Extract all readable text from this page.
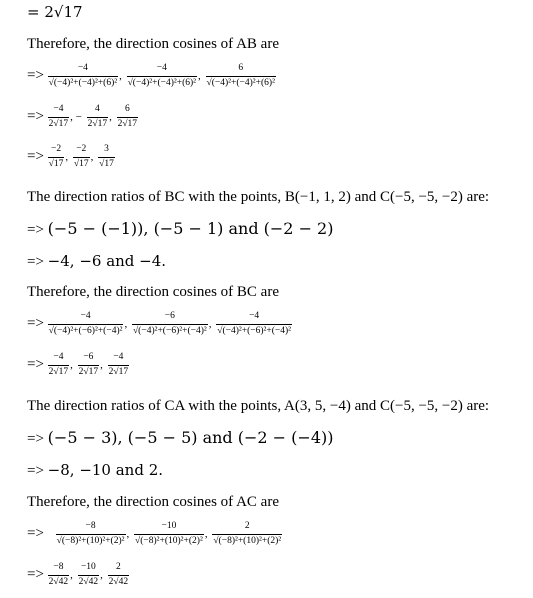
= 2√17
Therefore, the direction cosines of AB are
=> $\frac{-4}{\text{√(−4)²+(−4)²+(6)²}}$ , $\frac{-4}{\text{√(−4)²+(−4)²+(6)²}}$ , $\frac{6}{\text{√(−4)²+(−4)²+(6)²}}$
=> $\frac{-4}{2√17}$ , − $\frac{4}{2√17}$ , $\frac{6}{2√17}$
=> $\frac{-2}{√17}$ , $\frac{-2}{√17}$ , $\frac{3}{√17}$
The direction ratios of BC with the points, B(−1, 1, 2) and C(−5, −5, −2) are:
=> (−5 − (−1)), (−5 − 1) and (−2 − 2)
=> −4, −6 and −4.
Therefore, the direction cosines of BC are
=> $\frac{-4}{\text{√(−4)²+(−6)²+(−4)²}}$ , $\frac{-6}{\text{√(−4)²+(−6)²+(−4)²}}$ , $\frac{-4}{\text{√(−4)²+(−6)²+(−4)²}}$
=> $\frac{-4}{2√17}$ , $\frac{-6}{2√17}$ , $\frac{-4}{2√17}$
The direction ratios of CA with the points, A(3, 5, −4) and C(−5, −5, −2) are:
=> (−5 − 3), (−5 − 5) and (−2 − (−4))
=> −8, −10 and 2.
Therefore, the direction cosines of AC are
=> $\frac{-8}{\text{√(−8)²+(10)²+(2)²}}$ , $\frac{-10}{\text{√(−8)²+(10)²+(2)²}}$ , $\frac{2}{\text{√(−8)²+(10)²+(2)²}}$
=> $\frac{-8}{2√42}$ , $\frac{-10}{2√42}$ , $\frac{2}{2√42}$
